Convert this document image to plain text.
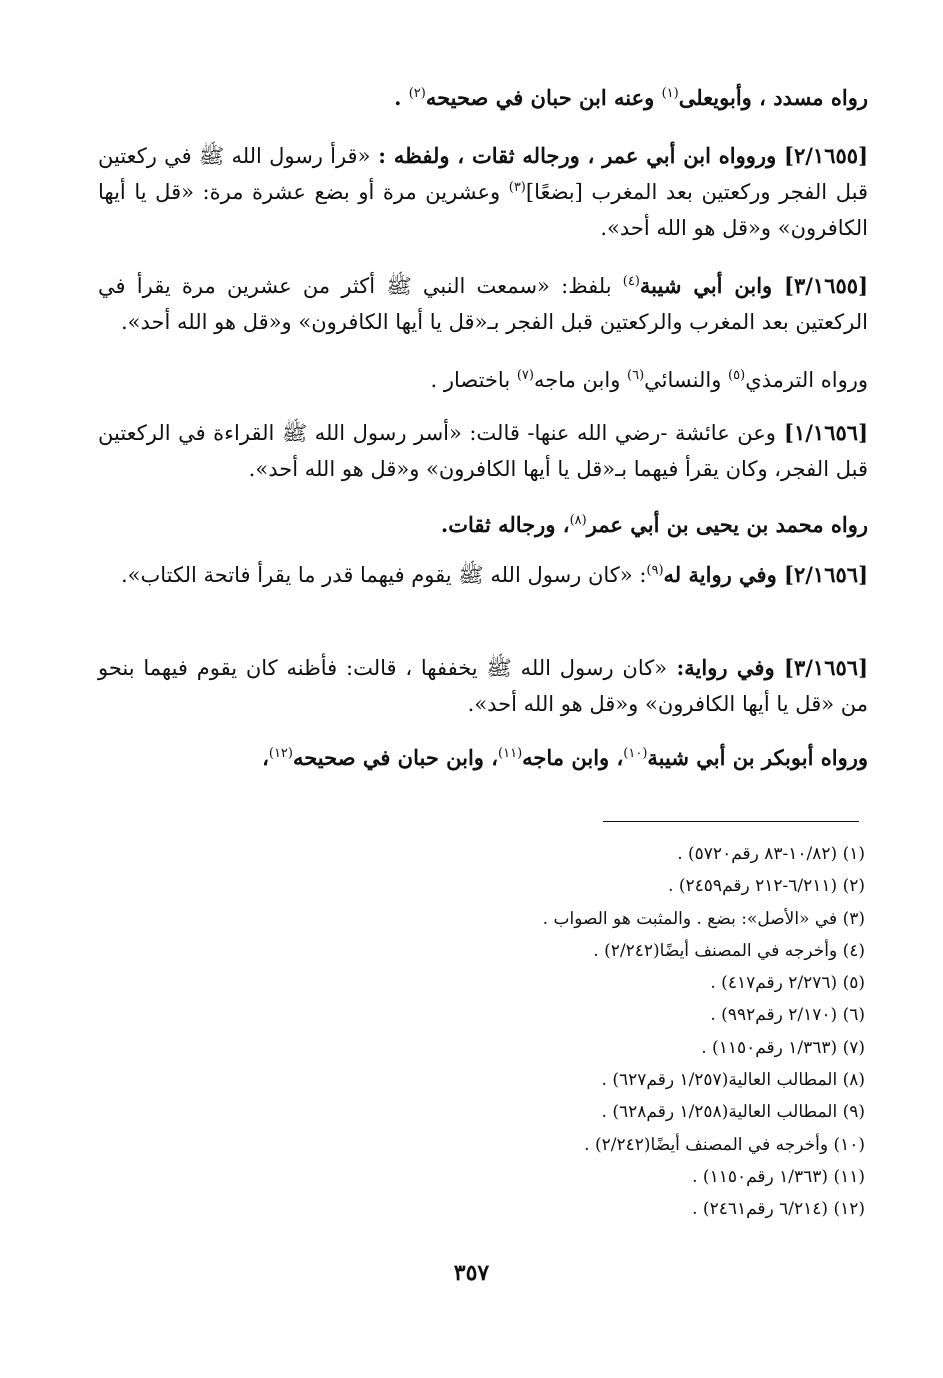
رواه مسدد ، وأبويعلى$^{(١)}$ وعنه ابن حبان في صحيحه$^{(٢)}$ .
[٢/١٦٥٥] وروواه ابن أبي عمر ، ورجاله ثقات ، ولفظه : «قرأ رسول الله ﷺ في ركعتين قبل الفجر وركعتين بعد المغرب [بضعًا]$^{(٣)}$ وعشرين مرة أو بضع عشرة مرة: «قل يا أيها الكافرون» و«قل هو الله أحد».
[٣/١٦٥٥] وابن أبي شيبة$^{(٤)}$ بلفظ: «سمعت النبي ﷺ أكثر من عشرين مرة يقرأ في الركعتين بعد المغرب والركعتين قبل الفجر بـ«قل يا أيها الكافرون» و«قل هو الله أحد».
ورواه الترمذي$^{(٥)}$ والنسائي$^{(٦)}$ وابن ماجه$^{(٧)}$ باختصار .
[١/١٦٥٦] وعن عائشة -رضي الله عنها- قالت: «أسر رسول الله ﷺ القراءة في الركعتين قبل الفجر، وكان يقرأ فيهما بـ«قل يا أيها الكافرون» و«قل هو الله أحد».
رواه محمد بن يحيى بن أبي عمر$^{(٨)}$، ورجاله ثقات.
[٢/١٦٥٦] وفي رواية له$^{(٩)}$: «كان رسول الله ﷺ يقوم فيهما قدر ما يقرأ فاتحة الكتاب».
[٣/١٦٥٦] وفي رواية: «كان رسول الله ﷺ يخففها ، قالت: فأظنه كان يقوم فيهما بنحو من «قل يا أيها الكافرون» و«قل هو الله أحد».
ورواه أبوبكر بن أبي شيبة$^{(١٠)}$، وابن ماجه$^{(١١)}$، وابن حبان في صحيحه$^{(١٢)}$،
(١) (١٠/٨٢-٨٣ رقم٥٧٢٠) .
(٢) (٦/٢١١-٢١٢ رقم٢٤٥٩) .
(٣) في «الأصل»: بضع . والمثبت هو الصواب .
(٤) وأخرجه في المصنف أيضًا(٢/٢٤٢) .
(٥) (٢/٢٧٦ رقم٤١٧) .
(٦) (٢/١٧٠ رقم٩٩٢) .
(٧) (١/٣٦٣ رقم١١٥٠) .
(٨) المطالب العالية(١/٢٥٧ رقم٦٢٧) .
(٩) المطالب العالية(١/٢٥٨ رقم٦٢٨) .
(١٠) وأخرجه في المصنف أيضًا(٢/٢٤٢) .
(١١) (١/٣٦٣ رقم١١٥٠) .
(١٢) (٦/٢١٤ رقم٢٤٦١) .
٣٥٧
